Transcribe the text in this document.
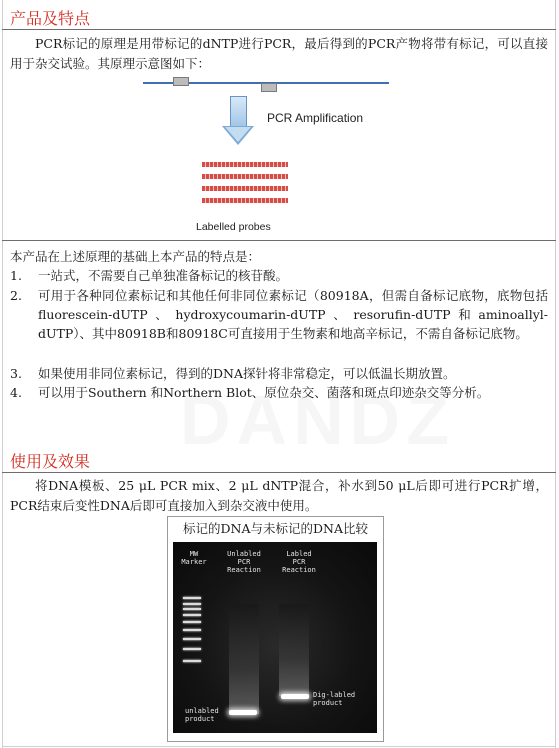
产品及特点

PCR标记的原理是用带标记的dNTP进行PCR，最后得到的PCR产物将带有标记，可以直接用于杂交试验。其原理示意图如下：

PCR Amplification
Labelled probes
本产品在上述原理的基础上本产品的特点是：
1. 一站式，不需要自己单独准备标记的核苷酸。
2. 可用于各种同位素标记和其他任何非同位素标记（80918A，但需自备标记底物，底物包括fluorescein-dUTP、hydroxycoumarin-dUTP、resorufin-dUTP和aminoallyl-dUTP）、其中80918B和80918C可直接用于生物素和地高辛标记，不需自备标记底物。
3. 如果使用非同位素标记，得到的DNA探针将非常稳定，可以低温长期放置。
4. 可以用于Southern 和Northern Blot、原位杂交、菌落和斑点印迹杂交等分析。
使用及效果

将DNA模板、25 μL PCR mix、2 μL dNTP混合，补水到50 μL后即可进行PCR扩增，PCR结束后变性DNA后即可直接加入到杂交液中使用。

标记的DNA与未标记的DNA比较
MW
Marker
Unlabled
PCR
Reaction
Labled
PCR
Reaction
unlabled
product
Dig-labled
product
